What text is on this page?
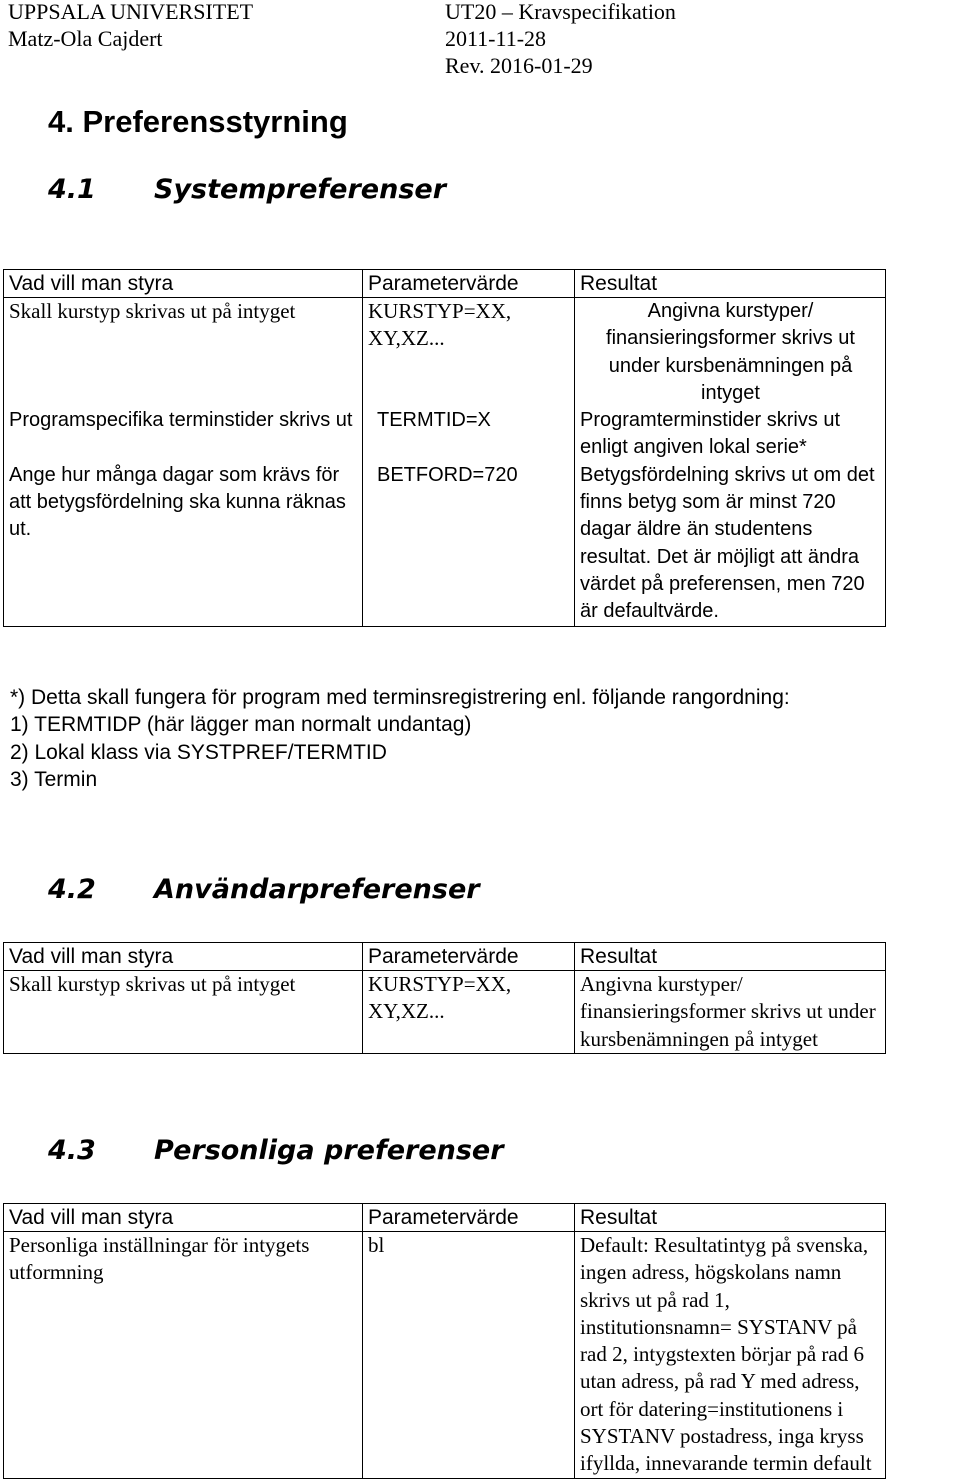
UPPSALA UNIVERSITET
Matz-Ola Cajdert
UT20 – Kravspecifikation
2011-11-28
Rev. 2016-01-29
4. Preferensstyrning
4.1 Systempreferenser
Vad vill man styra	Parametervärde	Resultat
Skall kurstyp skrivas ut på intyget	KURSTYP=XX, XY,XZ...	Angivna kurstyper/ finansieringsformer skrivs ut under kursbenämningen på intyget
Programspecifika terminstider skrivs ut	TERMTID=X	Programterminstider skrivs ut enligt angiven lokal serie*
Ange hur många dagar som krävs för att betygsfördelning ska kunna räknas ut.	BETFORD=720	Betygsfördelning skrivs ut om det finns betyg som är minst 720 dagar äldre än studentens resultat. Det är möjligt att ändra värdet på preferensen, men 720 är defaultvärde.
*) Detta skall fungera för program med terminsregistrering enl. följande rangordning:
1) TERMTIDP (här lägger man normalt undantag)
2) Lokal klass via SYSTPREF/TERMTID
3) Termin
4.2 Användarpreferenser
Vad vill man styra	Parametervärde	Resultat
Skall kurstyp skrivas ut på intyget	KURSTYP=XX, XY,XZ...	Angivna kurstyper/ finansieringsformer skrivs ut under kursbenämningen på intyget
4.3 Personliga preferenser
Vad vill man styra	Parametervärde	Resultat
Personliga inställningar för intygets utformning	bl	Default: Resultatintyg på svenska, ingen adress, högskolans namn skrivs ut på rad 1, institutionsnamn= SYSTANV på rad 2, intygstexten börjar på rad 6 utan adress, på rad Y med adress, ort för datering=institutionens i SYSTANV postadress, inga kryss ifyllda, innevarande termin default
